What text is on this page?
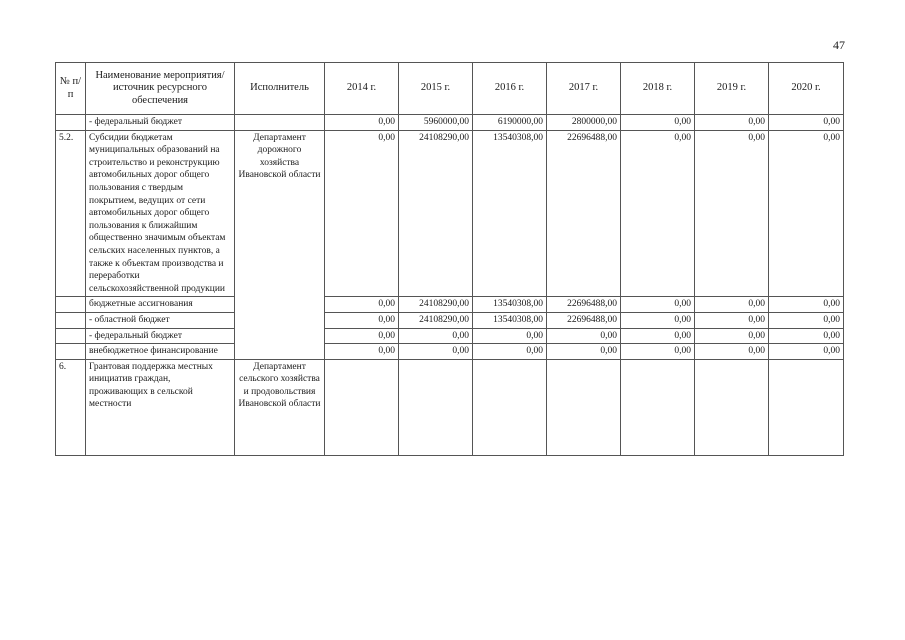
47
№ п/п	Наименование мероприятия/источник ресурсного обеспечения	Исполнитель	2014 г.	2015 г.	2016 г.	2017 г.	2018 г.	2019 г.	2020 г.
	- федеральный бюджет		0,00	5960000,00	6190000,00	2800000,00	0,00	0,00	0,00
5.2.	Субсидии бюджетам муниципальных образований на строительство и реконструкцию автомобильных дорог общего пользования с твердым покрытием, ведущих от сети автомобильных дорог общего пользования к ближайшим общественно значимым объектам сельских населенных пунктов, а также к объектам производства и переработки сельскохозяйственной продукции	Департамент дорожного хозяйства Ивановской области	0,00	24108290,00	13540308,00	22696488,00	0,00	0,00	0,00
	бюджетные ассигнования		0,00	24108290,00	13540308,00	22696488,00	0,00	0,00	0,00
	- областной бюджет		0,00	24108290,00	13540308,00	22696488,00	0,00	0,00	0,00
	- федеральный бюджет		0,00	0,00	0,00	0,00	0,00	0,00	0,00
	внебюджетное финансирование		0,00	0,00	0,00	0,00	0,00	0,00	0,00
6.	Грантовая поддержка местных инициатив граждан, проживающих в сельской местности	Департамент сельского хозяйства и продовольствия Ивановской области							
